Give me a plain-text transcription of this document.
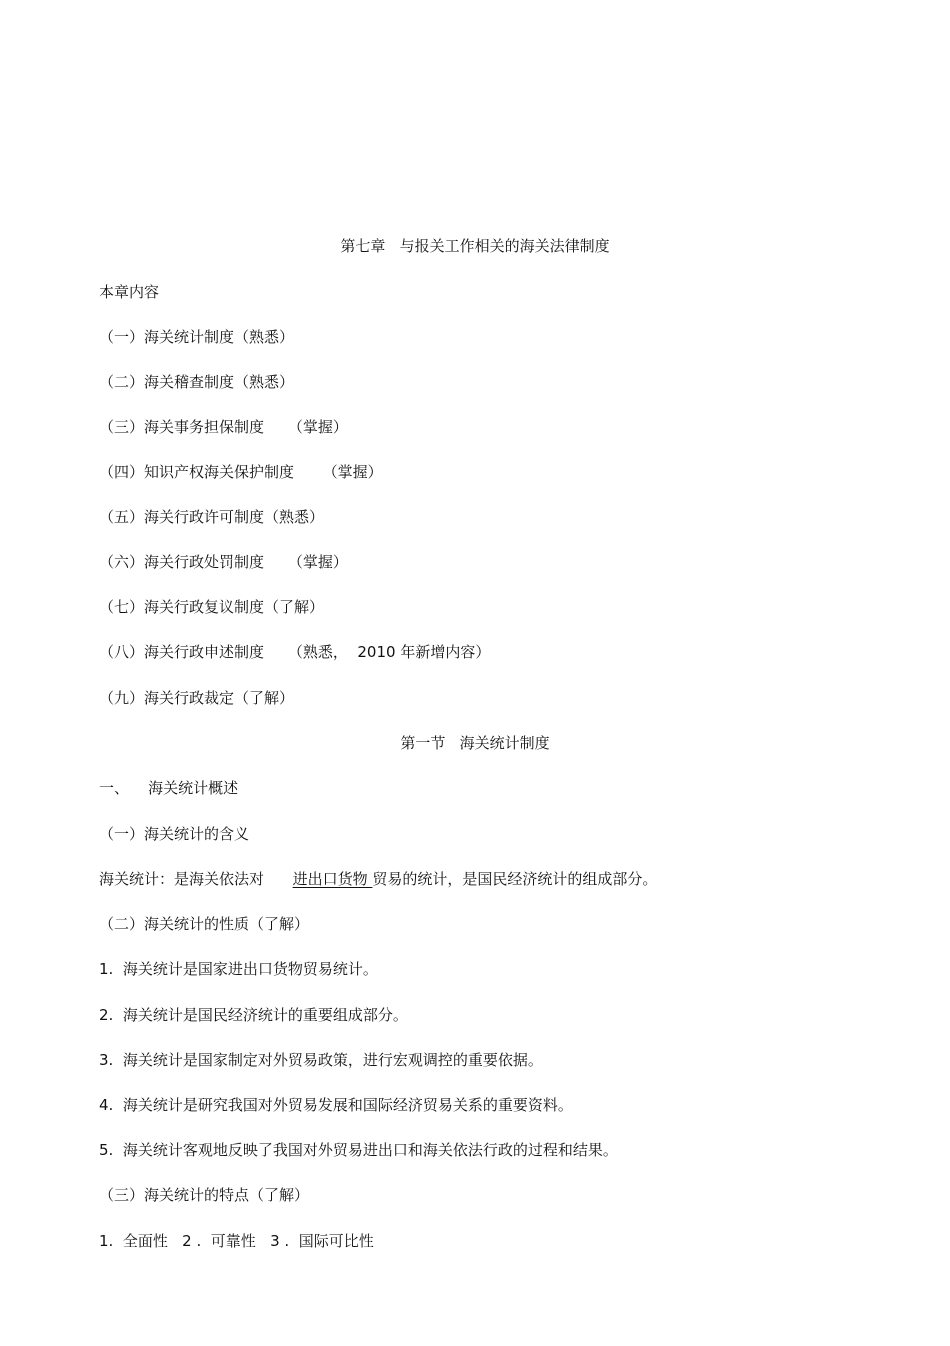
第七章   与报关工作相关的海关法律制度
本章内容
（一）海关统计制度（熟悉）
（二）海关稽查制度（熟悉）
（三）海关事务担保制度     （掌握）
（四）知识产权海关保护制度      （掌握）
（五）海关行政许可制度（熟悉）
（六）海关行政处罚制度     （掌握）
（七）海关行政复议制度（了解）
（八）海关行政申述制度     （熟悉，  2010 年新增内容）
（九）海关行政裁定（了解）
第一节   海关统计制度
一、    海关统计概述
（一）海关统计的含义
海关统计：是海关依法对      进出口货物 贸易的统计，是国民经济统计的组成部分。
（二）海关统计的性质（了解）
1.  海关统计是国家进出口货物贸易统计。
2.  海关统计是国民经济统计的重要组成部分。
3.  海关统计是国家制定对外贸易政策，进行宏观调控的重要依据。
4.  海关统计是研究我国对外贸易发展和国际经济贸易关系的重要资料。
5.  海关统计客观地反映了我国对外贸易进出口和海关依法行政的过程和结果。
（三）海关统计的特点（了解）
1.  全面性   2 .  可靠性   3 .  国际可比性
